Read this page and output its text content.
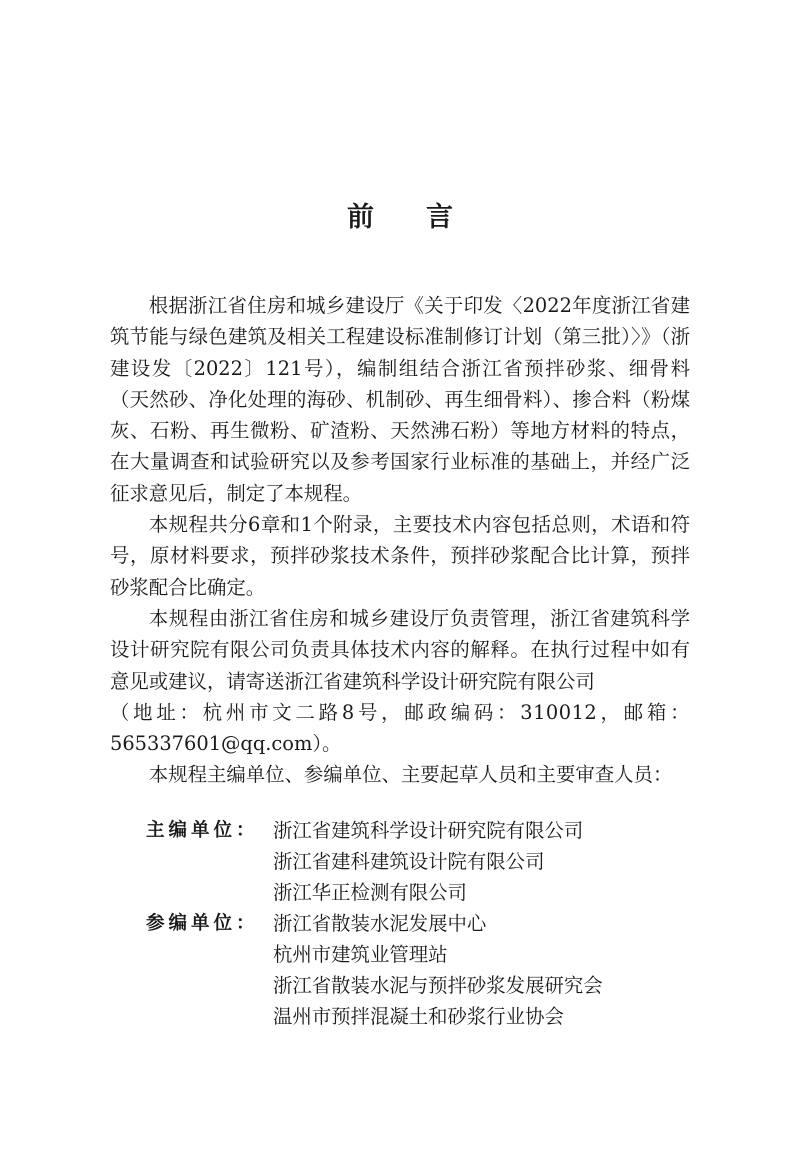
前 言

根据浙江省住房和城乡建设厅《关于印发〈2022年度浙江省建筑节能与绿色建筑及相关工程建设标准制修订计划（第三批）〉》（浙建设发〔2022〕121号），编制组结合浙江省预拌砂浆、细骨料（天然砂、净化处理的海砂、机制砂、再生细骨料）、掺合料（粉煤灰、石粉、再生微粉、矿渣粉、天然沸石粉）等地方材料的特点，在大量调查和试验研究以及参考国家行业标准的基础上，并经广泛征求意见后，制定了本规程。

本规程共分6章和1个附录，主要技术内容包括总则，术语和符号，原材料要求，预拌砂浆技术条件，预拌砂浆配合比计算，预拌砂浆配合比确定。

本规程由浙江省住房和城乡建设厅负责管理，浙江省建筑科学设计研究院有限公司负责具体技术内容的解释。在执行过程中如有意见或建议，请寄送浙江省建筑科学设计研究院有限公司

（地址：杭州市文二路8号，邮政编码：310012，邮箱：

565337601@qq.com）。

本规程主编单位、参编单位、主要起草人员和主要审查人员：

主编单位： 浙江省建筑科学设计研究院有限公司
浙江省建科建筑设计院有限公司
浙江华正检测有限公司
参编单位： 浙江省散装水泥发展中心
杭州市建筑业管理站
浙江省散装水泥与预拌砂浆发展研究会
温州市预拌混凝土和砂浆行业协会
